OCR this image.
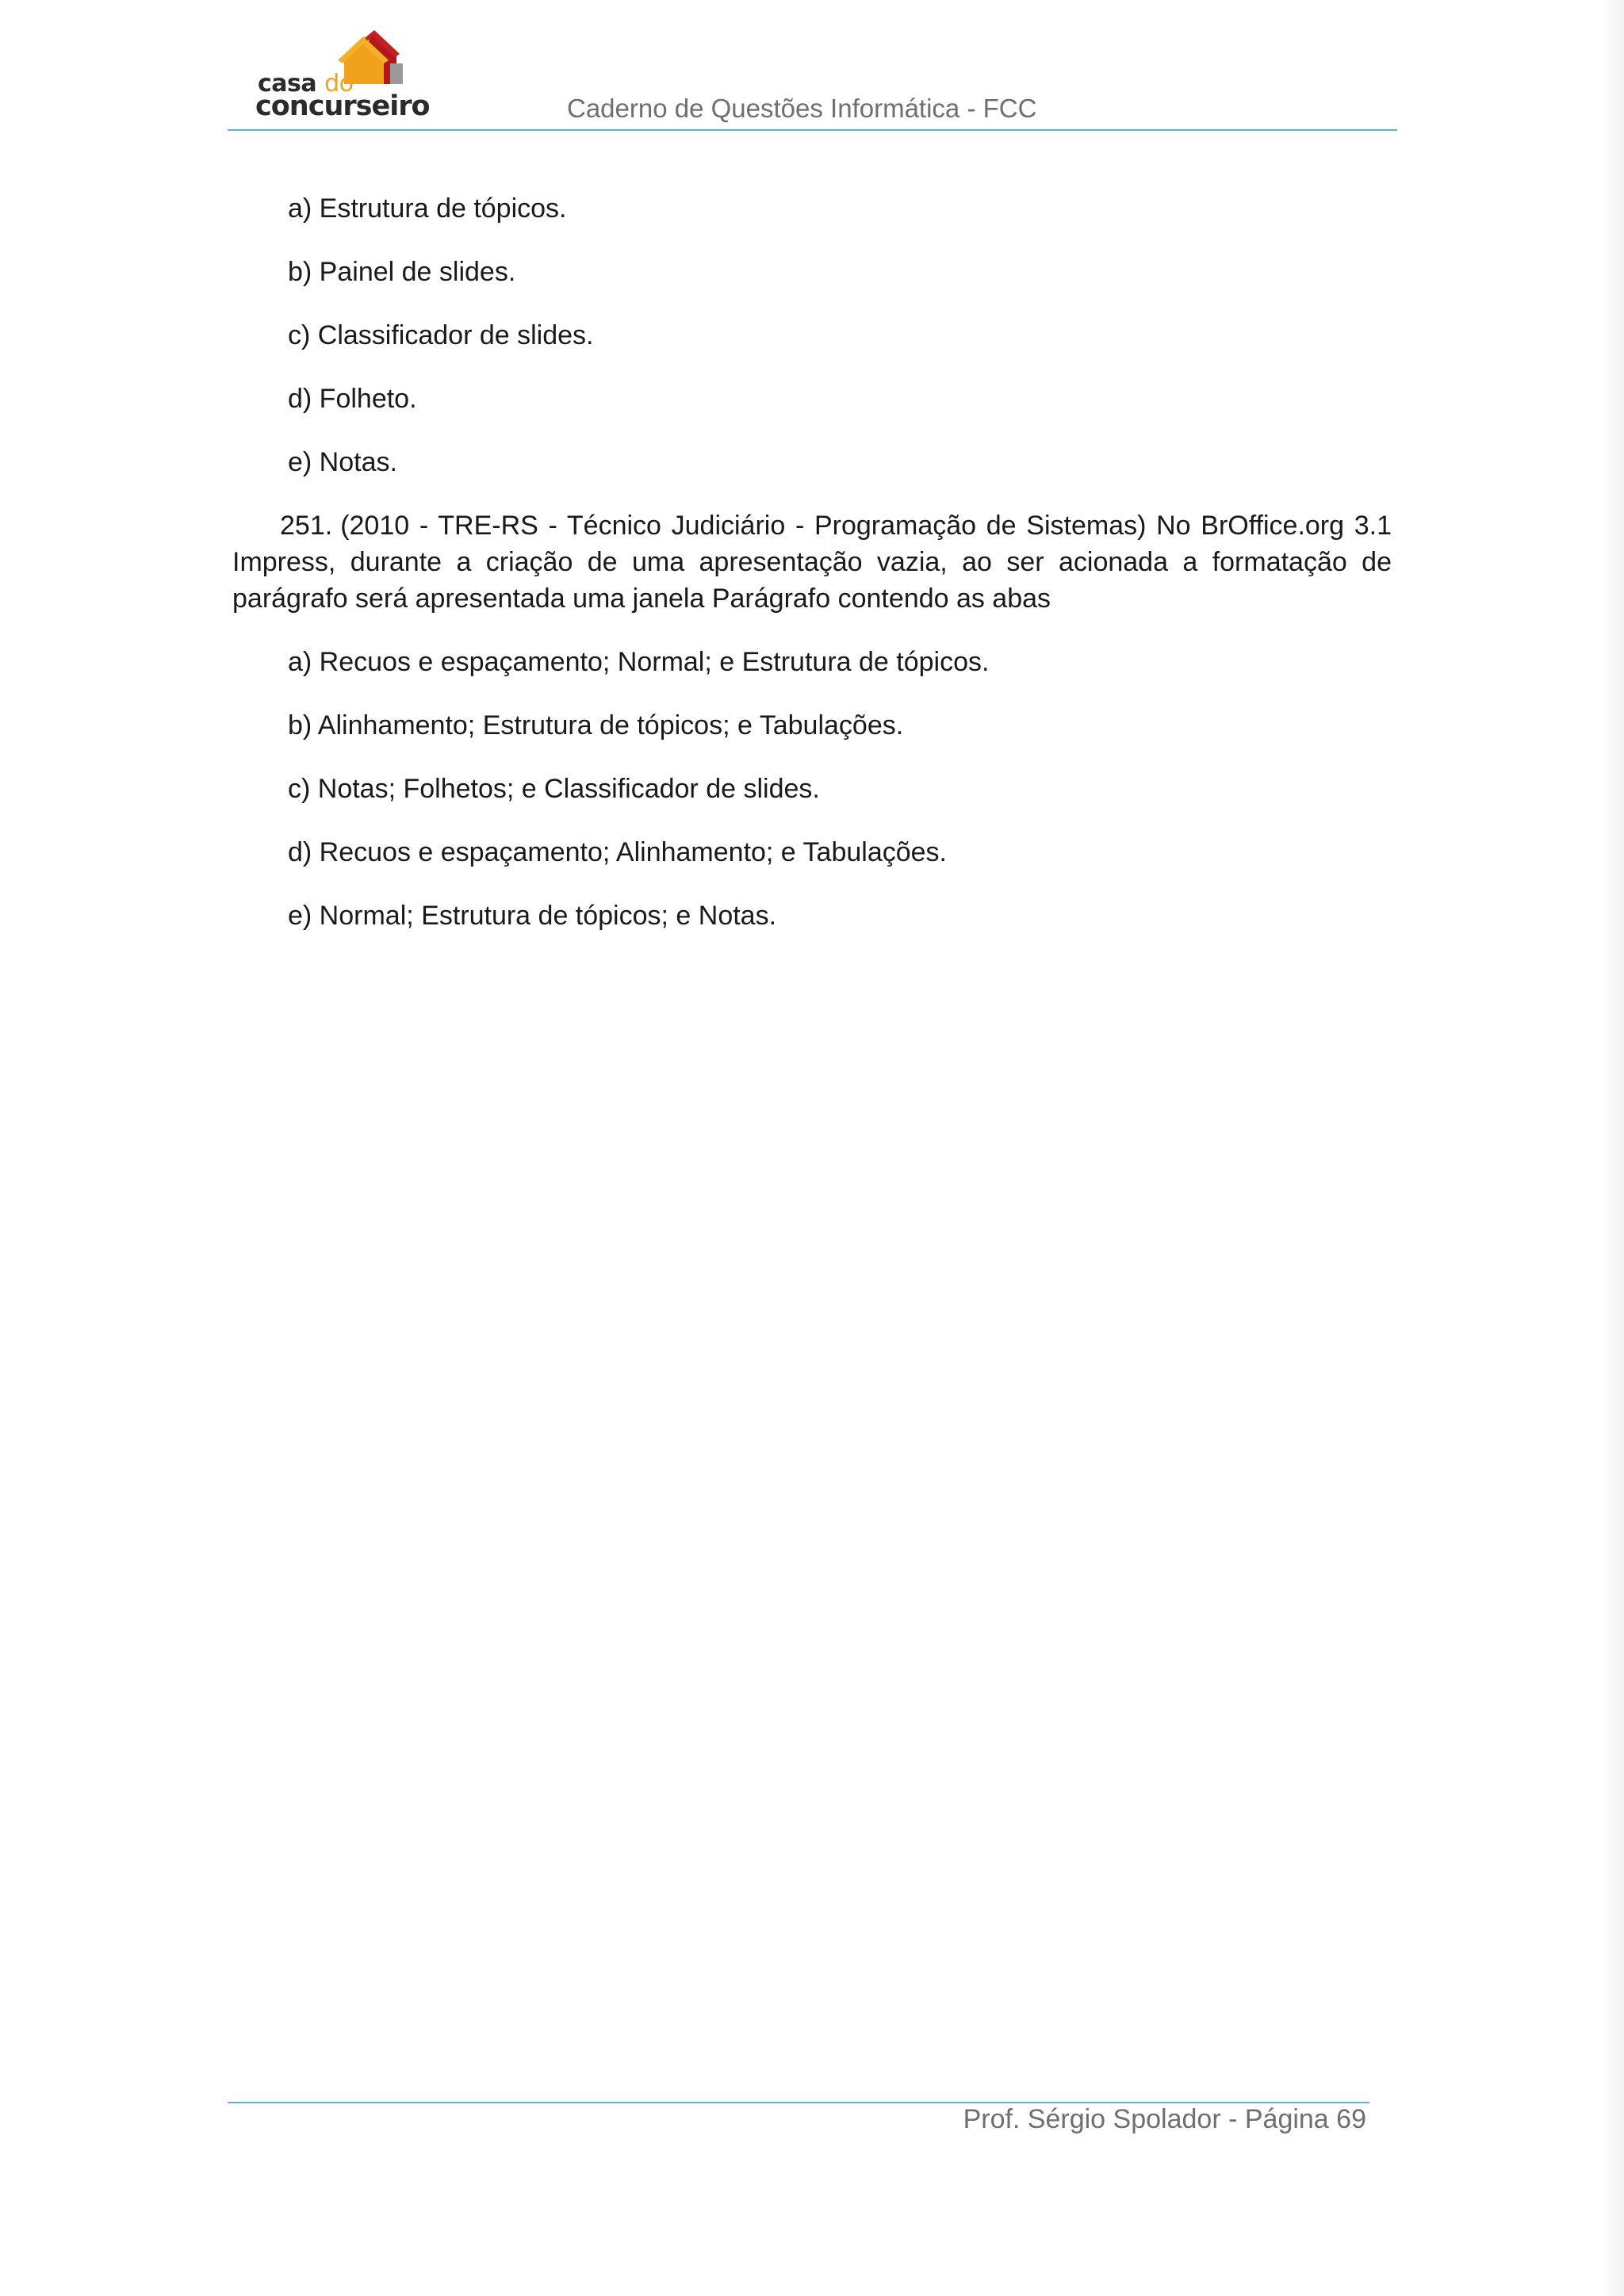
casa do
concurseiro	Caderno de Questões Informática - FCC
a) Estrutura de tópicos.
b) Painel de slides.
c) Classificador de slides.
d) Folheto.
e) Notas.

251. (2010 - TRE-RS - Técnico Judiciário - Programação de Sistemas) No BrOffice.org 3.1 Impress, durante a criação de uma apresentação vazia, ao ser acionada a formatação de parágrafo será apresentada uma janela Parágrafo contendo as abas

a) Recuos e espaçamento; Normal; e Estrutura de tópicos.
b) Alinhamento; Estrutura de tópicos; e Tabulações.
c) Notas; Folhetos; e Classificador de slides.
d) Recuos e espaçamento; Alinhamento; e Tabulações.
e) Normal; Estrutura de tópicos; e Notas.
Prof. Sérgio Spolador - Página 69
